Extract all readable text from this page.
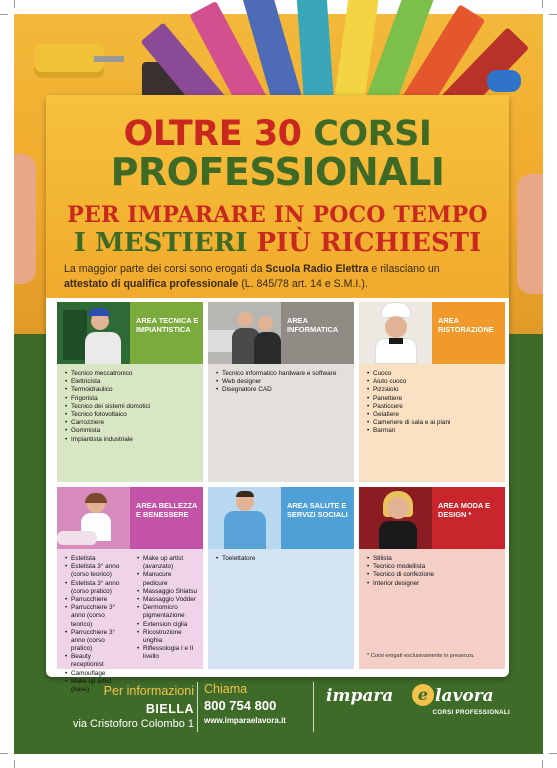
OLTRE 30 CORSI
PROFESSIONALI
PER IMPARARE IN POCO TEMPO
I MESTIERI PIÙ RICHIESTI
La maggior parte dei corsi sono erogati da Scuola Radio Elettra e rilasciano un
attestato di qualifica professionale (L. 845/78 art. 14 e S.M.I.).
AREA TECNICA E IMPIANTISTICA
• Tecnico meccatronico
• Elettricista
• Termoidraulico
• Frigorista
• Tecnico dei sistemi domotici
• Tecnico fotovoltaico
• Carrozziere
• Gommista
• Impiantista industriale
AREA INFORMATICA
• Tecnico informatico hardware e software
• Web designer
• Disegnatore CAD
AREA RISTORAZIONE
• Cuoco
• Aiuto cuoco
• Pizzaiolo
• Panettiere
• Pasticcere
• Gelatiere
• Cameriere di sala e ai piani
• Barman
AREA BELLEZZA E BENESSERE
• Estetista
• Estetista 3° anno (corso teorico)
• Estetista 3° anno (corso pratico)
• Parrucchiere
• Parrucchiere 3° anno (corso teorico)
• Parrucchiere 3° anno (corso pratico)
• Beauty receptionist
• Camouflage
• Make up artist (base)
• Make up artist (avanzato)
• Manucure pedicure
• Massaggio Shiatsu
• Massaggio Vodder
• Dermomicro pigmentazione
• Extension ciglia
• Ricostruzione unghia
• Riflessologia I e II livello
AREA SALUTE E SERVIZI SOCIALI
• Toelettatore
AREA MODA E DESIGN *
• Stilista
• Tecnico modellista
• Tecnico di confezione
• Interior designer
* Corsi erogati esclusivamente in presenza.
Per informazioni
BIELLA
via Cristoforo Colombo 1
Chiama
800 754 800
www.imparaelavora.it
impara	e lavora
CORSI PROFESSIONALI
